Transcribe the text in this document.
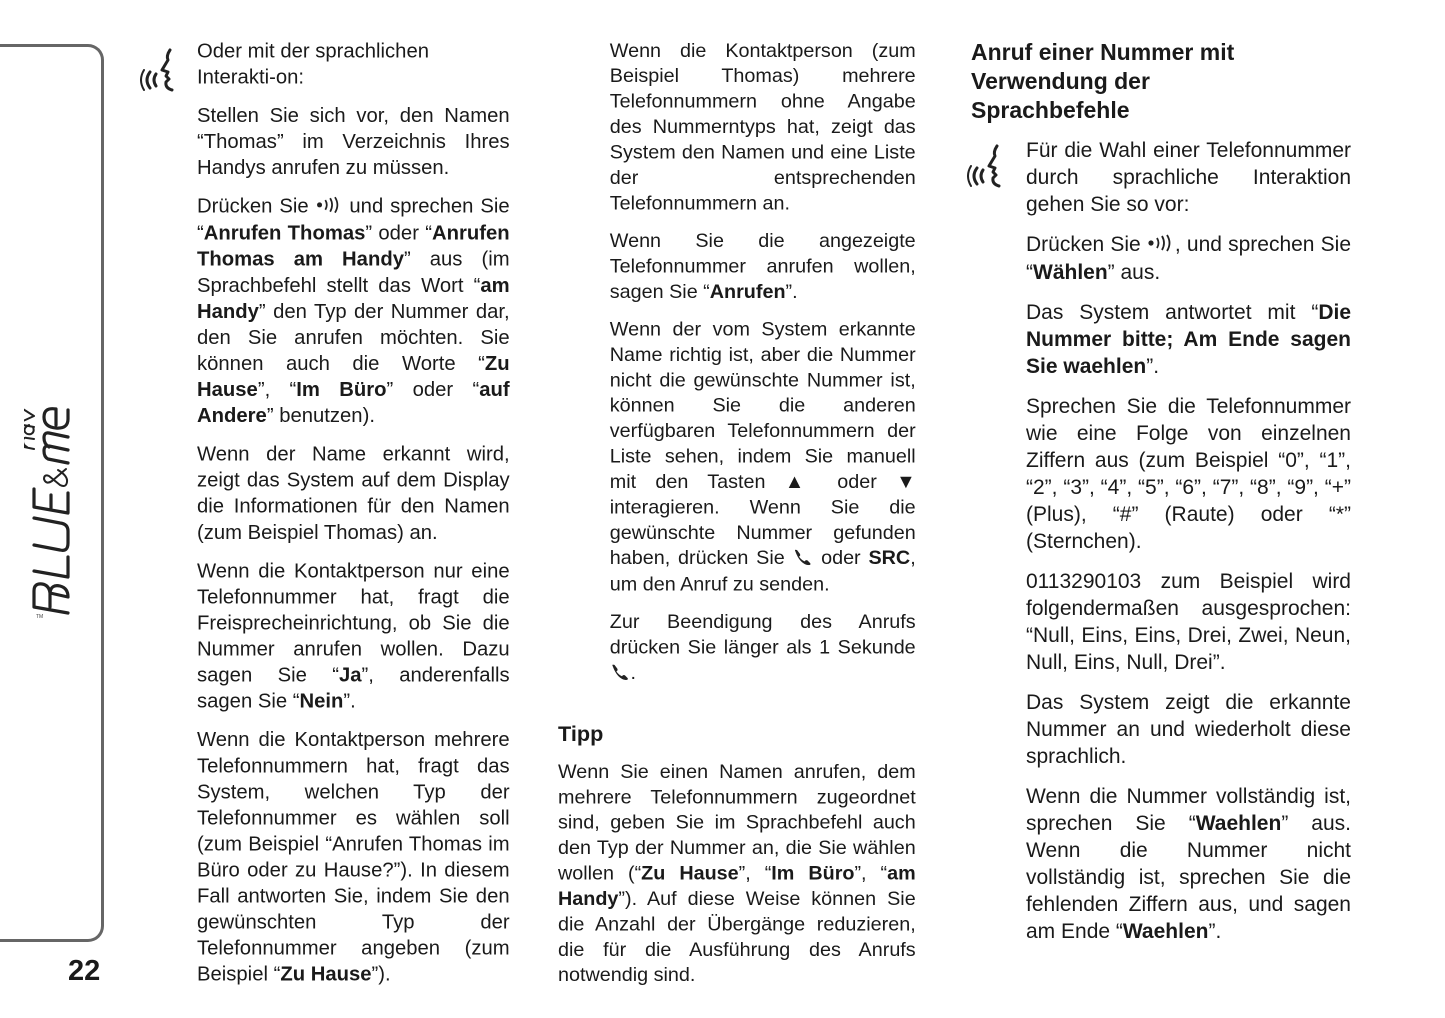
TM
22

Oder mit der sprachlichen Interakti-on:

Stellen Sie sich vor, den Namen “Thomas” im Verzeichnis Ihres Handys anrufen zu müssen.

Drücken Sie  und sprechen Sie “Anrufen Thomas” oder “Anrufen Thomas am Handy” aus (im Sprachbefehl stellt das Wort “am Handy” den Typ der Nummer dar, den Sie anrufen möchten. Sie können auch die Worte “Zu Hause”, “Im Büro” oder “auf Andere” benutzen).

Wenn der Name erkannt wird, zeigt das System auf dem Display die Informationen für den Namen (zum Beispiel Thomas) an.

Wenn die Kontaktperson nur eine Telefonnummer hat, fragt die Freisprecheinrichtung, ob Sie die Nummer anrufen wollen. Dazu sagen Sie “Ja”, anderenfalls sagen Sie “Nein”.

Wenn die Kontaktperson mehrere Telefonnummern hat, fragt das System, welchen Typ der Telefonnummer es wählen soll (zum Beispiel “Anrufen Thomas im Büro oder zu Hause?”). In diesem Fall antworten Sie, indem Sie den gewünschten Typ der Telefonnummer angeben (zum Beispiel “Zu Hause”).

Wenn die Kontaktperson (zum Beispiel Thomas) mehrere Telefonnummern ohne Angabe des Nummerntyps hat, zeigt das System den Namen und eine Liste der entsprechenden Telefonnummern an.

Wenn Sie die angezeigte Telefonnummer anrufen wollen, sagen Sie “Anrufen”.

Wenn der vom System erkannte Name richtig ist, aber die Nummer nicht die gewünschte Nummer ist, können Sie die anderen verfügbaren Telefonnummern der Liste sehen, indem Sie manuell mit den Tasten ▲ oder ▼ interagieren. Wenn Sie die gewünschte Nummer gefunden haben, drücken Sie  oder SRC, um den Anruf zu senden.

Zur Beendigung des Anrufs drücken Sie länger als 1 Sekunde .

Tipp

Wenn Sie einen Namen anrufen, dem mehrere Telefonnummern zugeordnet sind, geben Sie im Sprachbefehl auch den Typ der Nummer an, die Sie wählen wollen (“Zu Hause”, “Im Büro”, “am Handy”). Auf diese Weise können Sie die Anzahl der Übergänge reduzieren, die für die Ausführung des Anrufs notwendig sind.

Anruf einer Nummer mit Verwendung der Sprachbefehle

Für die Wahl einer Telefonnummer durch sprachliche Interaktion gehen Sie so vor:

Drücken Sie , und sprechen Sie “Wählen” aus.

Das System antwortet mit “Die Nummer bitte; Am Ende sagen Sie waehlen”.

Sprechen Sie die Telefonnummer wie eine Folge von einzelnen Ziffern aus (zum Beispiel “0”, “1”, “2”, “3”, “4”, “5”, “6”, “7”, “8”, “9”, “+” (Plus), “#” (Raute) oder “*” (Sternchen).

0113290103 zum Beispiel wird folgendermaßen ausgesprochen: “Null, Eins, Eins, Drei, Zwei, Neun, Null, Eins, Null, Drei”.

Das System zeigt die erkannte Nummer an und wiederholt diese sprachlich.

Wenn die Nummer vollständig ist, sprechen Sie “Waehlen” aus. Wenn die Nummer nicht vollständig ist, sprechen Sie die fehlenden Ziffern aus, und sagen am Ende “Waehlen”.
